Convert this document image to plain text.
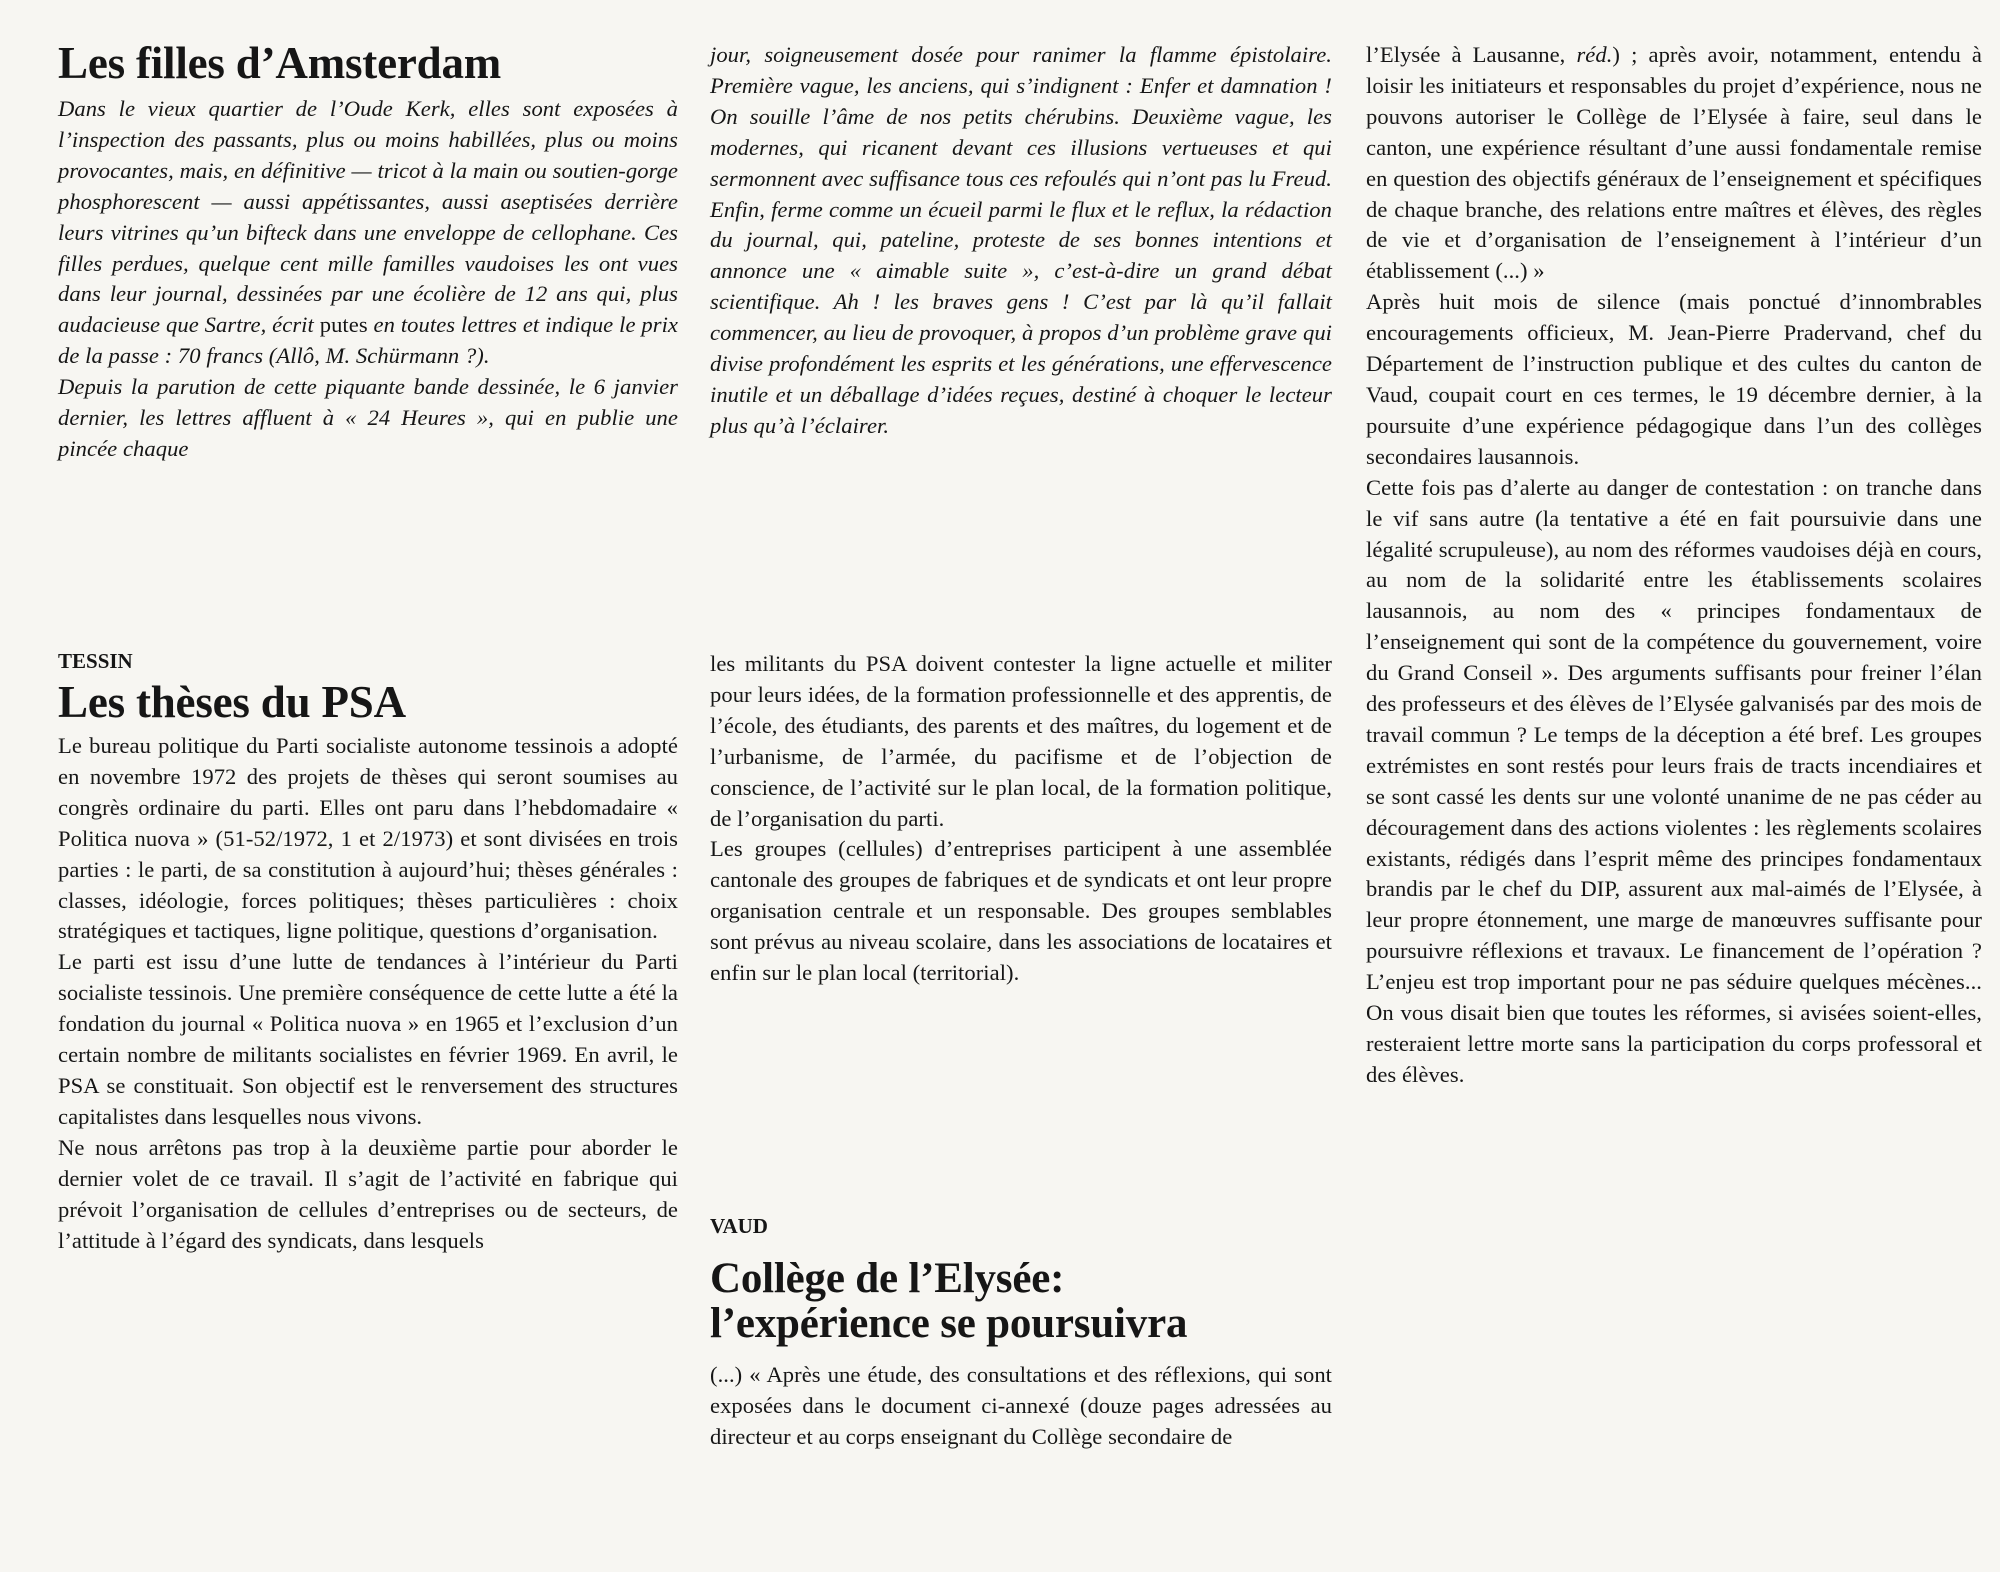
Les filles d’Amsterdam

Dans le vieux quartier de l’Oude Kerk, elles sont exposées à l’inspection des passants, plus ou moins habillées, plus ou moins provocantes, mais, en définitive — tricot à la main ou soutien-gorge phosphorescent — aussi appétissantes, aussi aseptisées derrière leurs vitrines qu’un bifteck dans une enveloppe de cellophane. Ces filles perdues, quelque cent mille familles vaudoises les ont vues dans leur journal, dessinées par une écolière de 12 ans qui, plus audacieuse que Sartre, écrit putes en toutes lettres et indique le prix de la passe : 70 francs (Allô, M. Schürmann ?).

Depuis la parution de cette piquante bande dessinée, le 6 janvier dernier, les lettres affluent à « 24 Heures », qui en publie une pincée chaque

TESSIN
Les thèses du PSA

Le bureau politique du Parti socialiste autonome tessinois a adopté en novembre 1972 des projets de thèses qui seront soumises au congrès ordinaire du parti. Elles ont paru dans l’hebdomadaire « Politica nuova » (51-52/1972, 1 et 2/1973) et sont divisées en trois parties : le parti, de sa constitution à aujourd’hui; thèses générales : classes, idéologie, forces politiques; thèses particulières : choix stratégiques et tactiques, ligne politique, questions d’organisation.

Le parti est issu d’une lutte de tendances à l’intérieur du Parti socialiste tessinois. Une première conséquence de cette lutte a été la fondation du journal « Politica nuova » en 1965 et l’exclusion d’un certain nombre de militants socialistes en février 1969. En avril, le PSA se constituait. Son objectif est le renversement des structures capitalistes dans lesquelles nous vivons.

Ne nous arrêtons pas trop à la deuxième partie pour aborder le dernier volet de ce travail. Il s’agit de l’activité en fabrique qui prévoit l’organisation de cellules d’entreprises ou de secteurs, de l’attitude à l’égard des syndicats, dans lesquels

jour, soigneusement dosée pour ranimer la flamme épistolaire. Première vague, les anciens, qui s’indignent : Enfer et damnation ! On souille l’âme de nos petits chérubins. Deuxième vague, les modernes, qui ricanent devant ces illusions vertueuses et qui sermonnent avec suffisance tous ces refoulés qui n’ont pas lu Freud. Enfin, ferme comme un écueil parmi le flux et le reflux, la rédaction du journal, qui, pateline, proteste de ses bonnes intentions et annonce une « aimable suite », c’est-à-dire un grand débat scientifique. Ah ! les braves gens ! C’est par là qu’il fallait commencer, au lieu de provoquer, à propos d’un problème grave qui divise profondément les esprits et les générations, une effervescence inutile et un déballage d’idées reçues, destiné à choquer le lecteur plus qu’à l’éclairer.

les militants du PSA doivent contester la ligne actuelle et militer pour leurs idées, de la formation professionnelle et des apprentis, de l’école, des étudiants, des parents et des maîtres, du logement et de l’urbanisme, de l’armée, du pacifisme et de l’objection de conscience, de l’activité sur le plan local, de la formation politique, de l’organisation du parti.

Les groupes (cellules) d’entreprises participent à une assemblée cantonale des groupes de fabriques et de syndicats et ont leur propre organisation centrale et un responsable. Des groupes semblables sont prévus au niveau scolaire, dans les associations de locataires et enfin sur le plan local (territorial).

VAUD
Collège de l’Elysée:
l’expérience se poursuivra

(...) « Après une étude, des consultations et des réflexions, qui sont exposées dans le document ci-annexé (douze pages adressées au directeur et au corps enseignant du Collège secondaire de

l’Elysée à Lausanne, réd.) ; après avoir, notamment, entendu à loisir les initiateurs et responsables du projet d’expérience, nous ne pouvons autoriser le Collège de l’Elysée à faire, seul dans le canton, une expérience résultant d’une aussi fondamentale remise en question des objectifs généraux de l’enseignement et spécifiques de chaque branche, des relations entre maîtres et élèves, des règles de vie et d’organisation de l’enseignement à l’intérieur d’un établissement (...) »

Après huit mois de silence (mais ponctué d’innombrables encouragements officieux, M. Jean-Pierre Pradervand, chef du Département de l’instruction publique et des cultes du canton de Vaud, coupait court en ces termes, le 19 décembre dernier, à la poursuite d’une expérience pédagogique dans l’un des collèges secondaires lausannois.

Cette fois pas d’alerte au danger de contestation : on tranche dans le vif sans autre (la tentative a été en fait poursuivie dans une légalité scrupuleuse), au nom des réformes vaudoises déjà en cours, au nom de la solidarité entre les établissements scolaires lausannois, au nom des « principes fondamentaux de l’enseignement qui sont de la compétence du gouvernement, voire du Grand Conseil ». Des arguments suffisants pour freiner l’élan des professeurs et des élèves de l’Elysée galvanisés par des mois de travail commun ? Le temps de la déception a été bref. Les groupes extrémistes en sont restés pour leurs frais de tracts incendiaires et se sont cassé les dents sur une volonté unanime de ne pas céder au découragement dans des actions violentes : les règlements scolaires existants, rédigés dans l’esprit même des principes fondamentaux brandis par le chef du DIP, assurent aux mal-aimés de l’Elysée, à leur propre étonnement, une marge de manœuvres suffisante pour poursuivre réflexions et travaux. Le financement de l’opération ? L’enjeu est trop important pour ne pas séduire quelques mécènes... On vous disait bien que toutes les réformes, si avisées soient-elles, resteraient lettre morte sans la participation du corps professoral et des élèves.
